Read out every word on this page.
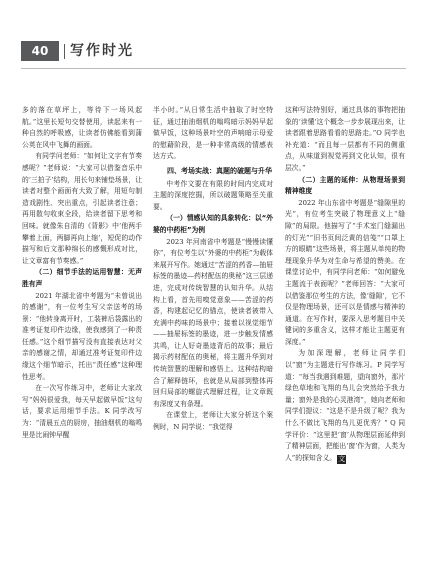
40	写作时光

多的落在草坪上，等待下一场风起航。”这里长短句交替使用，读起来有一种自然的呼吸感，让读者仿佛能看到蒲公英在风中飞舞的画面。

有同学问老师：“如何让文字有节奏感呢？”老师说：“大家可以借鉴音乐中的‘三拍子’结构，用长句来铺垫场景，让读者对整个画面有大致了解，用短句制造戏剧性、突出重点，引起读者注意；再用散句收束全段，给读者留下思考和回味。就像朱自清的《背影》中‘他两手攀着上面，两脚再向上缩’，短促的动作描写和后文那种绵长的感慨形成对比，让文章富有节奏感。”

（二）细节手法的运用智慧：无声胜有声

2021 年湖北省中考题为“未曾说出的感谢”，有一位考生写父亲送考的场景：“他转身离开时，工装裤后袋露出的准考证复印件边缘，使我感到了一种责任感。”这个细节描写没有直接表达对父亲的感谢之情，却通过准考证复印件边缘这个细节暗示，托出“责任感”这种理性思考。

在一次写作练习中，老师让大家改写“妈妈很爱我，每天早起做早饭”这句话，要求运用细节手法。K 同学改写为：“清晨五点的厨房，抽油烟机的嗡鸣里是比闹钟早醒

半小时。”从日常生活中抽取了时空特征，通过抽油烟机的嗡鸣暗示妈妈早起做早饭，这种场景叶空的声响暗示母爱的慰藉阶段，是一种非常高级的情感表达方式。

四、考场实战：真题的破题与升华

中考作文要在有限的时间内完成对主题的深度挖掘，所以破题策略至关重要。

（一）情感认知的具象转化：以“外婆的中药柜”为例

2023 年河南省中考题是“慢慢读懂你”，有位考生以“外婆的中药柜”为载体来展开写作。她通过“苦涩的药香—抽屉标签的墨迹—药材配伍的奥秘”这三层递进，完成对传统智慧的认知升华。从结构上看，首先用嗅觉意象——苦涩的药香，构建起记忆的锚点，使读者被带入充满中药味的场景中；接着以视觉细节——抽屉标签的墨迹，进一步触发情感共鸣，让人好奇墨迹背后的故事；最后揭示药材配伍的奥秘，将主题升华到对传统智慧的理解和感悟上。这种结构暗合了解释链环，也就是从局部到整体再回归局部的螺旋式理解过程，让文章既有深度又有条理。

在课堂上，老师让大家分析这个案例时，N 同学说：“我觉得

这种写法特别好，通过具体的事物把抽象的‘读懂’这个概念一步步展现出来，让读者跟着思路看看的思路走。”O 同学也补充道：“而且每一层都有不同的侧重点，从味道到视觉再到文化认知，很有层次。”

（二）主题的延伸：从物理场景到精神维度

2022 年山东省中考题是“缝隙里的光”，有位考生突破了物理意义上“缝隙”的局限。他描写了“手术室门缝漏出的灯光”“旧书页间泛黄的信笺”“口罩上方的眼睛”这些场景，将主题从单纯的物理现象升华为对生命与希望的赞美。在课堂讨论中，有同学问老师：“如何避免主题流于表面呢？”老师回答：“大家可以借鉴那位考生的方法，像‘缝隙’，它不仅是物理场景，还可以是情感与精神的通道。在写作时，要深入思考题目中关键词的多重含义，这样才能让主题更有深度。”

为加深理解，老师让同学们以“窗”为主题进行写作练习。P 同学写道：“每当我遇到难题，望向窗外，那片绿色草地和飞翔的鸟儿会突然给予我力量；窗外是我的心灵港湾”，她向老师和同学们提议：“这是不是升级了呢？我为什么不做比飞翔的鸟儿更优秀？” Q 同学评价：“这里把‘窗’从物理层面延伸到了精神层面，把能出‘窗’作为窗，人类为人”的探知含义。 文
